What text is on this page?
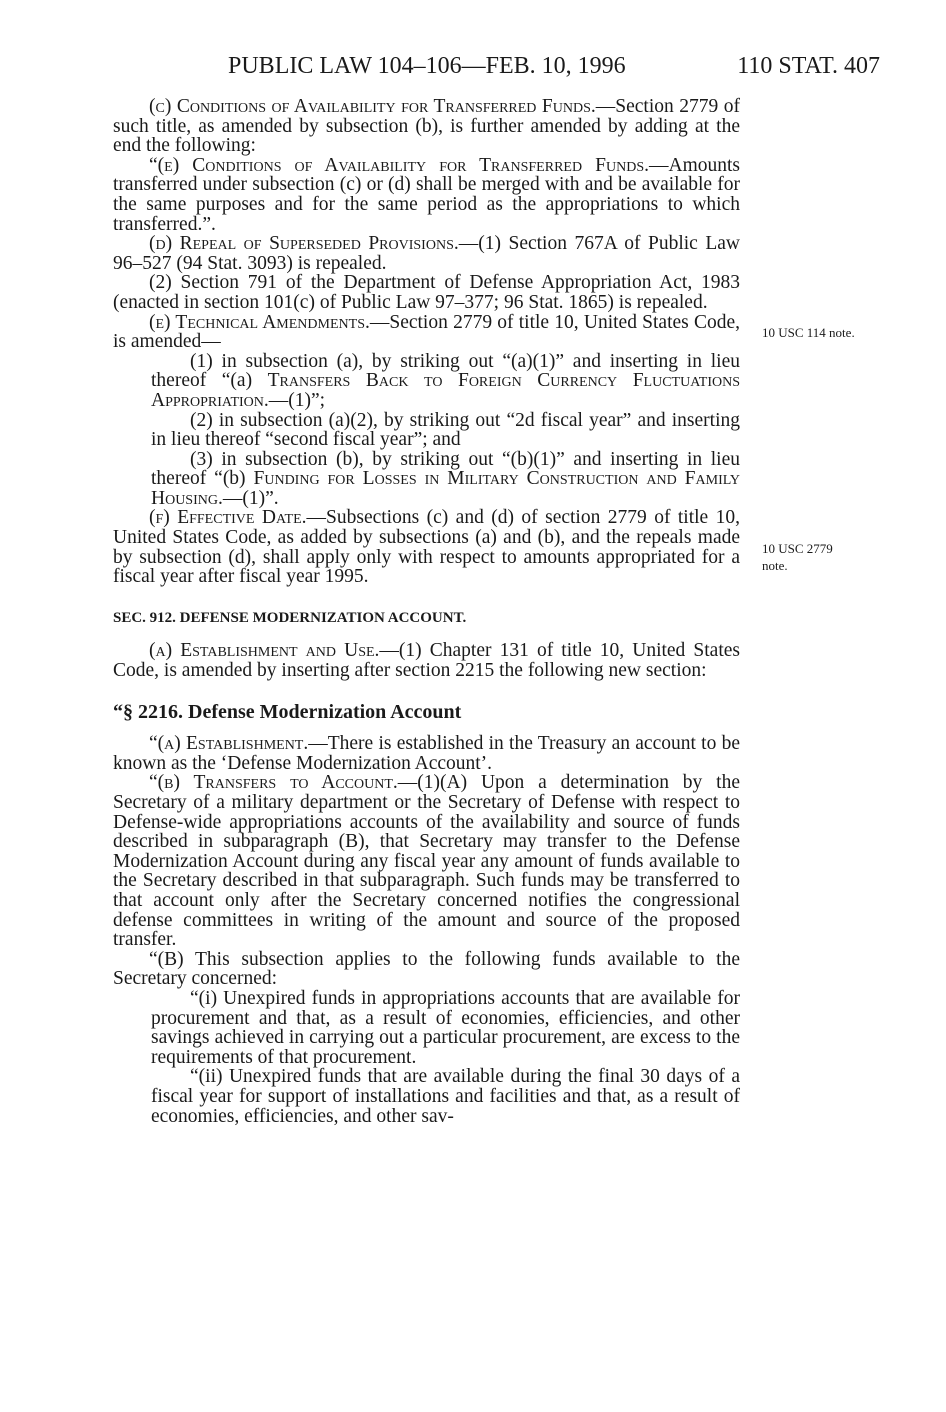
PUBLIC LAW 104–106—FEB. 10, 1996	110 STAT. 407
10 USC 114 note.
10 USC 2779
note.

(c) Conditions of Availability for Transferred Funds.—Section 2779 of such title, as amended by subsection (b), is further amended by adding at the end the following:

“(e) Conditions of Availability for Transferred Funds.—Amounts transferred under subsection (c) or (d) shall be merged with and be available for the same purposes and for the same period as the appropriations to which transferred.”.

(d) Repeal of Superseded Provisions.—(1) Section 767A of Public Law 96–527 (94 Stat. 3093) is repealed.

(2) Section 791 of the Department of Defense Appropriation Act, 1983 (enacted in section 101(c) of Public Law 97–377; 96 Stat. 1865) is repealed.

(e) Technical Amendments.—Section 2779 of title 10, United States Code, is amended—

(1) in subsection (a), by striking out “(a)(1)” and inserting in lieu thereof “(a) Transfers Back to Foreign Currency Fluctuations Appropriation.—(1)”;

(2) in subsection (a)(2), by striking out “2d fiscal year” and inserting in lieu thereof “second fiscal year”; and

(3) in subsection (b), by striking out “(b)(1)” and inserting in lieu thereof “(b) Funding for Losses in Military Construction and Family Housing.—(1)”.

(f) Effective Date.—Subsections (c) and (d) of section 2779 of title 10, United States Code, as added by subsections (a) and (b), and the repeals made by subsection (d), shall apply only with respect to amounts appropriated for a fiscal year after fiscal year 1995.

SEC. 912. DEFENSE MODERNIZATION ACCOUNT.

(a) Establishment and Use.—(1) Chapter 131 of title 10, United States Code, is amended by inserting after section 2215 the following new section:

“§ 2216. Defense Modernization Account

“(a) Establishment.—There is established in the Treasury an account to be known as the ‘Defense Modernization Account’.

“(b) Transfers to Account.—(1)(A) Upon a determination by the Secretary of a military department or the Secretary of Defense with respect to Defense-wide appropriations accounts of the availability and source of funds described in subparagraph (B), that Secretary may transfer to the Defense Modernization Account during any fiscal year any amount of funds available to the Secretary described in that subparagraph. Such funds may be transferred to that account only after the Secretary concerned notifies the congressional defense committees in writing of the amount and source of the proposed transfer.

“(B) This subsection applies to the following funds available to the Secretary concerned:

“(i) Unexpired funds in appropriations accounts that are available for procurement and that, as a result of economies, efficiencies, and other savings achieved in carrying out a particular procurement, are excess to the requirements of that procurement.

“(ii) Unexpired funds that are available during the final 30 days of a fiscal year for support of installations and facilities and that, as a result of economies, efficiencies, and other sav-
